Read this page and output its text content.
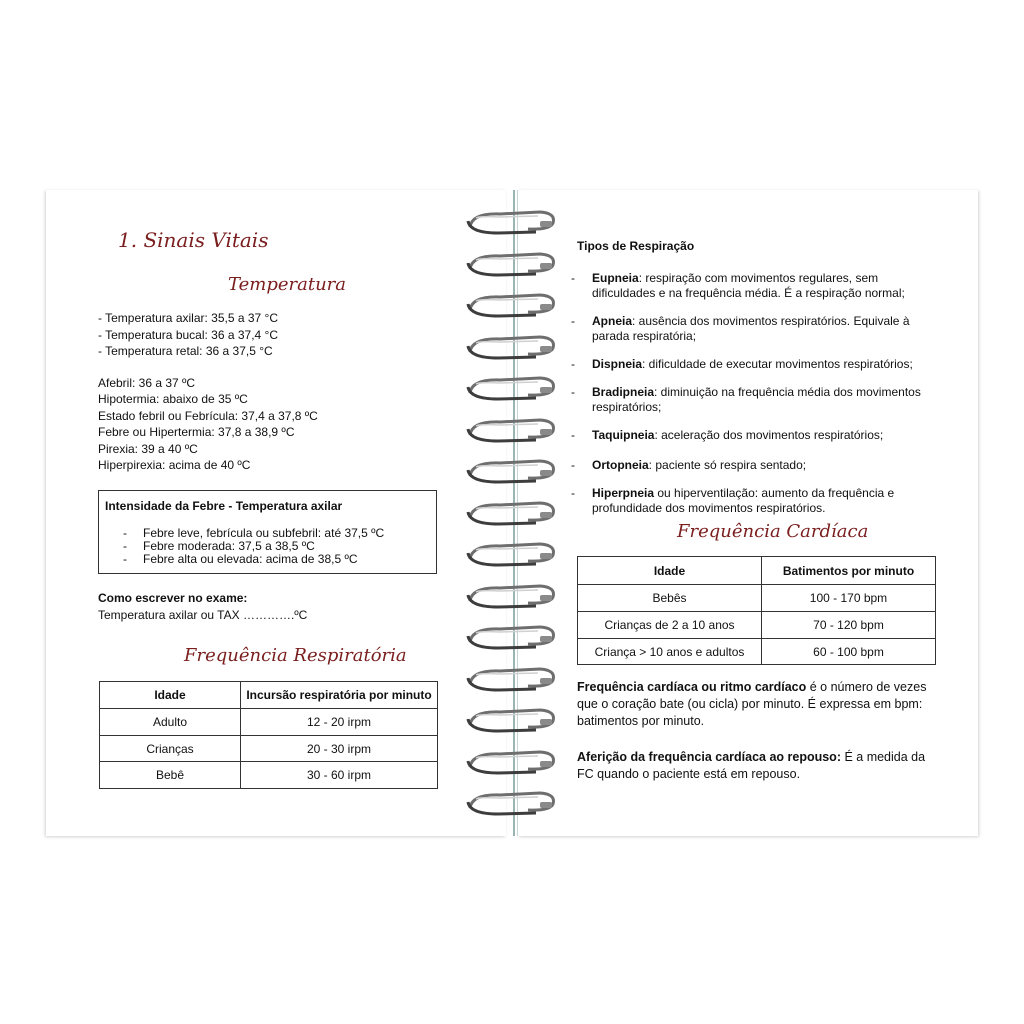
1. Sinais Vitais
Temperatura
- Temperatura axilar: 35,5 a 37 °C
- Temperatura bucal: 36 a 37,4 °C
- Temperatura retal: 36 a 37,5 °C
Afebril: 36 a 37 ºC
Hipotermia: abaixo de 35 ºC
Estado febril ou Febrícula: 37,4 a 37,8 ºC
Febre ou Hipertermia: 37,8 a 38,9 ºC
Pirexia: 39 a 40 ºC
Hiperpirexia: acima de 40 ºC
Intensidade da Febre - Temperatura axilar
- Febre leve, febrícula ou subfebril: até 37,5 ºC
- Febre moderada: 37,5 a 38,5 ºC
- Febre alta ou elevada: acima de 38,5 ºC
Como escrever no exame:
Temperatura axilar ou TAX ………….ºC
Frequência Respiratória
Idade	Incursão respiratória por minuto
Adulto	12 - 20 irpm
Crianças	20 - 30 irpm
Bebê	30 - 60 irpm
Tipos de Respiração
- Eupneia: respiração com movimentos regulares, sem
dificuldades e na frequência média. É a respiração normal;
- Apneia: ausência dos movimentos respiratórios. Equivale à
parada respiratória;
- Dispneia: dificuldade de executar movimentos respiratórios;
- Bradipneia: diminuição na frequência média dos movimentos
respiratórios;
- Taquipneia: aceleração dos movimentos respiratórios;
- Ortopneia: paciente só respira sentado;
- Hiperpneia ou hiperventilação: aumento da frequência e
profundidade dos movimentos respiratórios.
Frequência Cardíaca
Idade	Batimentos por minuto
Bebês	100 - 170 bpm
Crianças de 2 a 10 anos	70 - 120 bpm
Criança > 10 anos e adultos	60 - 100 bpm
Frequência cardíaca ou ritmo cardíaco é o número de vezes que o coração bate (ou cicla) por minuto. É expressa em bpm: batimentos por minuto.
Aferição da frequência cardíaca ao repouso: É a medida da FC quando o paciente está em repouso.
